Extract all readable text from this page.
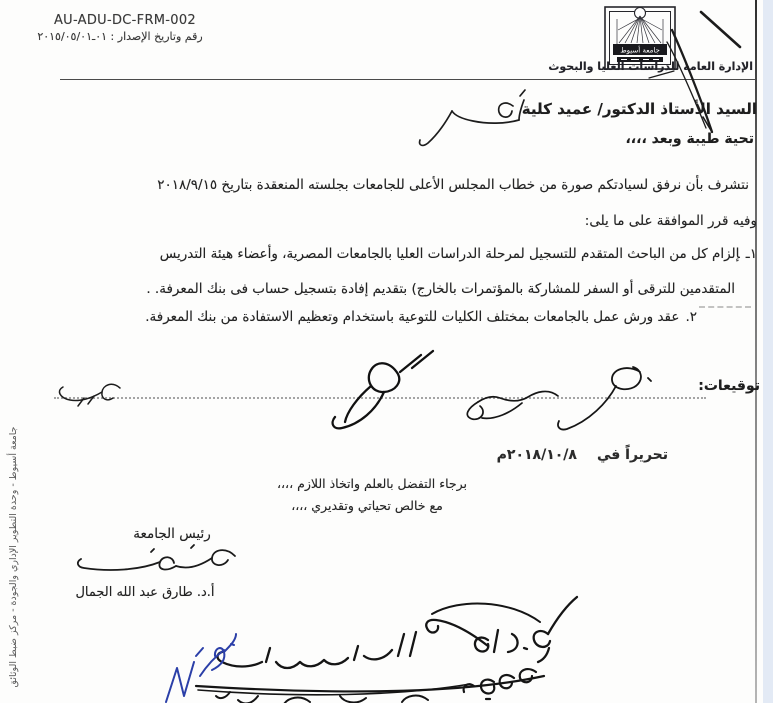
AU-ADU-DC-FRM-002
رقم وتاريخ الإصدار : ٠١ـ٢٠١٥/٠٥/٠١
جامعة أسيوط
الإدارة العامة للدراسات العليا والبحوث
السيد الأستاذ الدكتور/ عميد كلية
تحية طيبة وبعد ،،،،
نتشرف بأن نرفق لسيادتكم صورة من خطاب المجلس الأعلى للجامعات بجلسته المنعقدة بتاريخ ٢٠١٨/٩/١٥
وفيه قرر الموافقة على ما يلى:
١ـإلزام كل من الباحث المتقدم للتسجيل لمرحلة الدراسات العليا بالجامعات المصرية، وأعضاء هيئة التدريس
المتقدمين للترقى أو السفر للمشاركة بالمؤتمرات بالخارج) بتقديم إفادة بتسجيل حساب فى بنك المعرفة. .
٢.عقد ورش عمل بالجامعات بمختلف الكليات للتوعية باستخدام وتعظيم الاستفادة من بنك المعرفة.
توقيعات:
تحريراً في٢٠١٨/١٠/٨م
برجاء التفضل بالعلم واتخاذ اللازم ،،،،
مع خالص تحياتي وتقديري ،،،،
رئيس الجامعة
أ.د. طارق عبد الله الجمال
جامعة أسيوط - وحدة التطوير الإداري والجودة - مركز ضبط الوثائق
